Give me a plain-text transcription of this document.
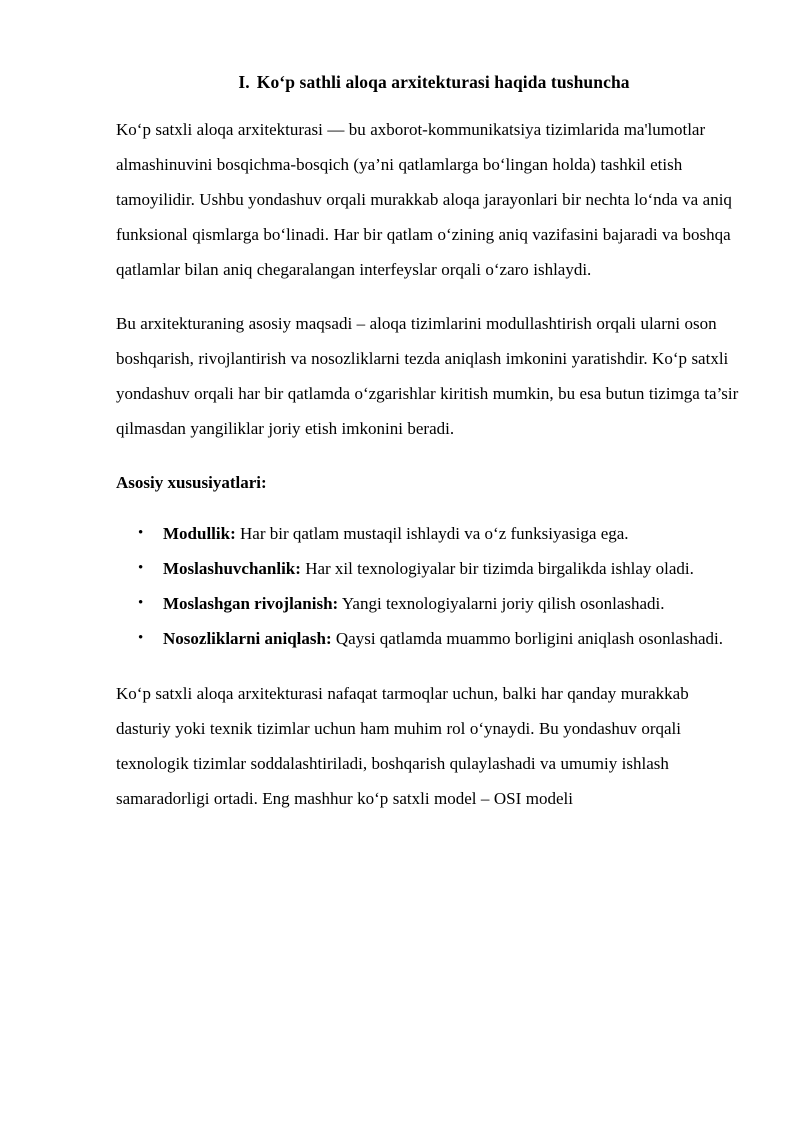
I. Koʻp sathli aloqa arxitekturasi haqida tushuncha

Koʻp satxli aloqa arxitekturasi — bu axborot-kommunikatsiya tizimlarida ma'lumotlar almashinuvini bosqichma-bosqich (ya’ni qatlamlarga boʻlingan holda) tashkil etish tamoyilidir. Ushbu yondashuv orqali murakkab aloqa jarayonlari bir nechta loʻnda va aniq funksional qismlarga boʻlinadi. Har bir qatlam oʻzining aniq vazifasini bajaradi va boshqa qatlamlar bilan aniq chegaralangan interfeyslar orqali oʻzaro ishlaydi.

Bu arxitekturaning asosiy maqsadi – aloqa tizimlarini modullashtirish orqali ularni oson boshqarish, rivojlantirish va nosozliklarni tezda aniqlash imkonini yaratishdir. Koʻp satxli yondashuv orqali har bir qatlamda oʻzgarishlar kiritish mumkin, bu esa butun tizimga ta’sir qilmasdan yangiliklar joriy etish imkonini beradi.

Asosiy xususiyatlari:
• Modullik: Har bir qatlam mustaqil ishlaydi va oʻz funksiyasiga ega.
• Moslashuvchanlik: Har xil texnologiyalar bir tizimda birgalikda ishlay oladi.
• Moslashgan rivojlanish: Yangi texnologiyalarni joriy qilish osonlashadi.
• Nosozliklarni aniqlash: Qaysi qatlamda muammo borligini aniqlash osonlashadi.

Koʻp satxli aloqa arxitekturasi nafaqat tarmoqlar uchun, balki har qanday murakkab dasturiy yoki texnik tizimlar uchun ham muhim rol oʻynaydi. Bu yondashuv orqali texnologik tizimlar soddalashtiriladi, boshqarish qulaylashadi va umumiy ishlash samaradorligi ortadi. Eng mashhur koʻp satxli model – OSI modeli
